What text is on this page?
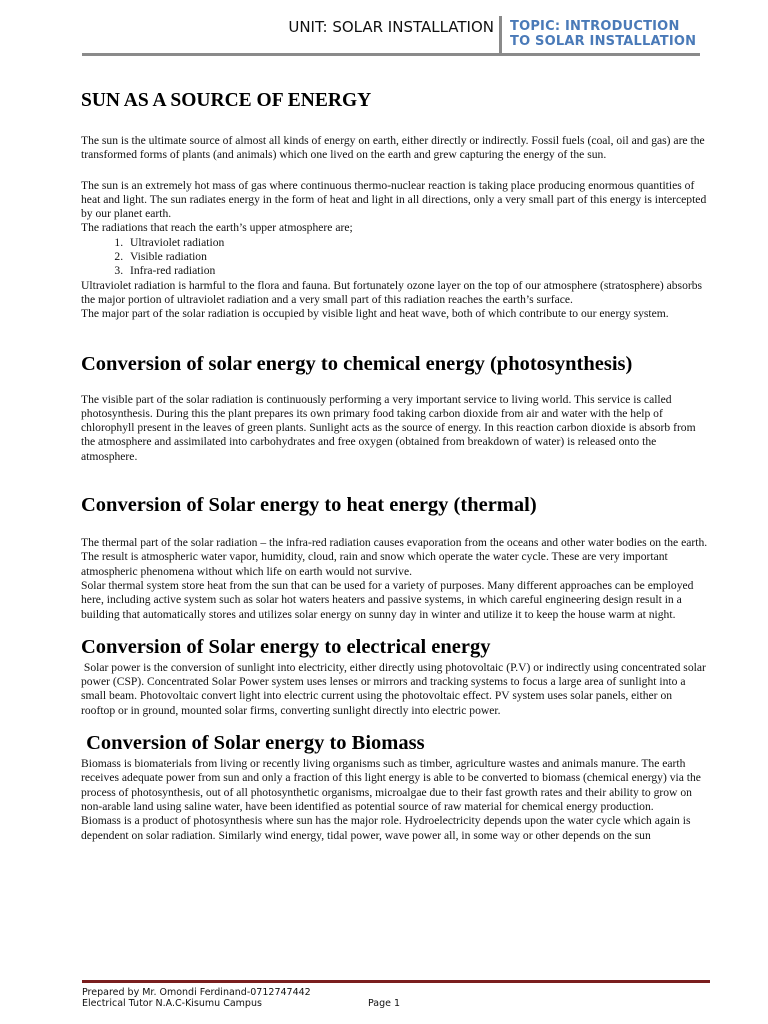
UNIT: SOLAR INSTALLATION TOPIC: INTRODUCTION
TO SOLAR INSTALLATION
SUN AS A SOURCE OF ENERGY

The sun is the ultimate source of almost all kinds of energy on earth, either directly or indirectly. Fossil fuels (coal, oil and gas) are the transformed forms of plants (and animals) which one lived on the earth and grew capturing the energy of the sun.

The sun is an extremely hot mass of gas where continuous thermo-nuclear reaction is taking place producing enormous quantities of heat and light. The sun radiates energy in the form of heat and light in all directions, only a very small part of this energy is intercepted by our planet earth.

The radiations that reach the earth’s upper atmosphere are;

1. Ultraviolet radiation
2. Visible radiation
3. Infra-red radiation

Ultraviolet radiation is harmful to the flora and fauna. But fortunately ozone layer on the top of our atmosphere (stratosphere) absorbs the major portion of ultraviolet radiation and a very small part of this radiation reaches the earth’s surface.

The major part of the solar radiation is occupied by visible light and heat wave, both of which contribute to our energy system.

Conversion of solar energy to chemical energy (photosynthesis)

The visible part of the solar radiation is continuously performing a very important service to living world. This service is called photosynthesis. During this the plant prepares its own primary food taking carbon dioxide from air and water with the help of chlorophyll present in the leaves of green plants. Sunlight acts as the source of energy. In this reaction carbon dioxide is absorb from the atmosphere and assimilated into carbohydrates and free oxygen (obtained from breakdown of water) is released onto the atmosphere.

Conversion of Solar energy to heat energy (thermal)

The thermal part of the solar radiation – the infra-red radiation causes evaporation from the oceans and other water bodies on the earth. The result is atmospheric water vapor, humidity, cloud, rain and snow which operate the water cycle. These are very important atmospheric phenomena without which life on earth would not survive.

Solar thermal system store heat from the sun that can be used for a variety of purposes. Many different approaches can be employed here, including active system such as solar hot waters heaters and passive systems, in which careful engineering design result in a building that automatically stores and utilizes solar energy on sunny day in winter and utilize it to keep the house warm at night.

Conversion of Solar energy to electrical energy

Solar power is the conversion of sunlight into electricity, either directly using photovoltaic (P.V) or indirectly using concentrated solar power (CSP). Concentrated Solar Power system uses lenses or mirrors and tracking systems to focus a large area of sunlight into a small beam. Photovoltaic convert light into electric current using the photovoltaic effect. PV system uses solar panels, either on rooftop or in ground, mounted solar firms, converting sunlight directly into electric power.

Conversion of Solar energy to Biomass

Biomass is biomaterials from living or recently living organisms such as timber, agriculture wastes and animals manure. The earth receives adequate power from sun and only a fraction of this light energy is able to be converted to biomass (chemical energy) via the process of photosynthesis, out of all photosynthetic organisms, microalgae due to their fast growth rates and their ability to grow on non-arable land using saline water, have been identified as potential source of raw material for chemical energy production.

Biomass is a product of photosynthesis where sun has the major role. Hydroelectricity depends upon the water cycle which again is dependent on solar radiation. Similarly wind energy, tidal power, wave power all, in some way or other depends on the sun

Prepared by Mr. Omondi Ferdinand-0712747442
Electrical Tutor N.A.C-Kisumu Campus	Page 1
